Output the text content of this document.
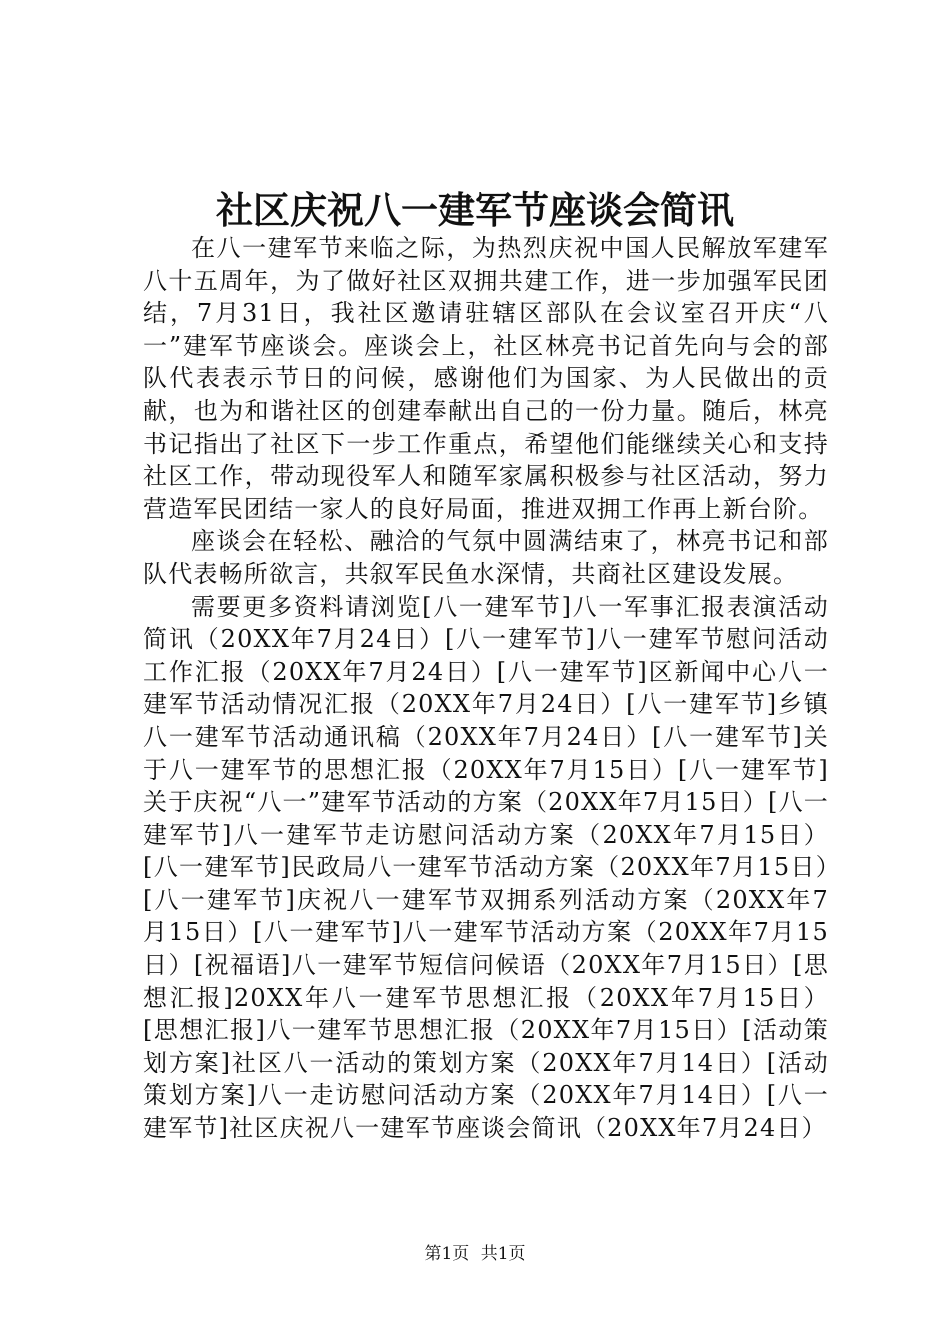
社区庆祝八一建军节座谈会简讯

在八一建军节来临之际，为热烈庆祝中国人民解放军建军八十五周年，为了做好社区双拥共建工作，进一步加强军民团结，7月31日，我社区邀请驻辖区部队在会议室召开庆“八一”建军节座谈会。座谈会上，社区林亮书记首先向与会的部队代表表示节日的问候，感谢他们为国家、为人民做出的贡献，也为和谐社区的创建奉献出自己的一份力量。随后，林亮书记指出了社区下一步工作重点，希望他们能继续关心和支持社区工作，带动现役军人和随军家属积极参与社区活动，努力营造军民团结一家人的良好局面，推进双拥工作再上新台阶。

座谈会在轻松、融洽的气氛中圆满结束了，林亮书记和部队代表畅所欲言，共叙军民鱼水深情，共商社区建设发展。

需要更多资料请浏览[八一建军节]八一军事汇报表演活动简讯（20XX年7月24日）[八一建军节]八一建军节慰问活动工作汇报（20XX年7月24日）[八一建军节]区新闻中心八一建军节活动情况汇报（20XX年7月24日）[八一建军节]乡镇八一建军节活动通讯稿（20XX年7月24日）[八一建军节]关于八一建军节的思想汇报（20XX年7月15日）[八一建军节]关于庆祝“八一”建军节活动的方案（20XX年7月15日）[八一建军节]八一建军节走访慰问活动方案（20XX年7月15日）[八一建军节]民政局八一建军节活动方案（20XX年7月15日）[八一建军节]庆祝八一建军节双拥系列活动方案（20XX年7月15日）[八一建军节]八一建军节活动方案（20XX年7月15日）[祝福语]八一建军节短信问候语（20XX年7月15日）[思想汇报]20XX年八一建军节思想汇报（20XX年7月15日）[思想汇报]八一建军节思想汇报（20XX年7月15日）[活动策划方案]社区八一活动的策划方案（20XX年7月14日）[活动策划方案]八一走访慰问活动方案（20XX年7月14日）[八一建军节]社区庆祝八一建军节座谈会简讯（20XX年7月24日）

第1页 共1页
